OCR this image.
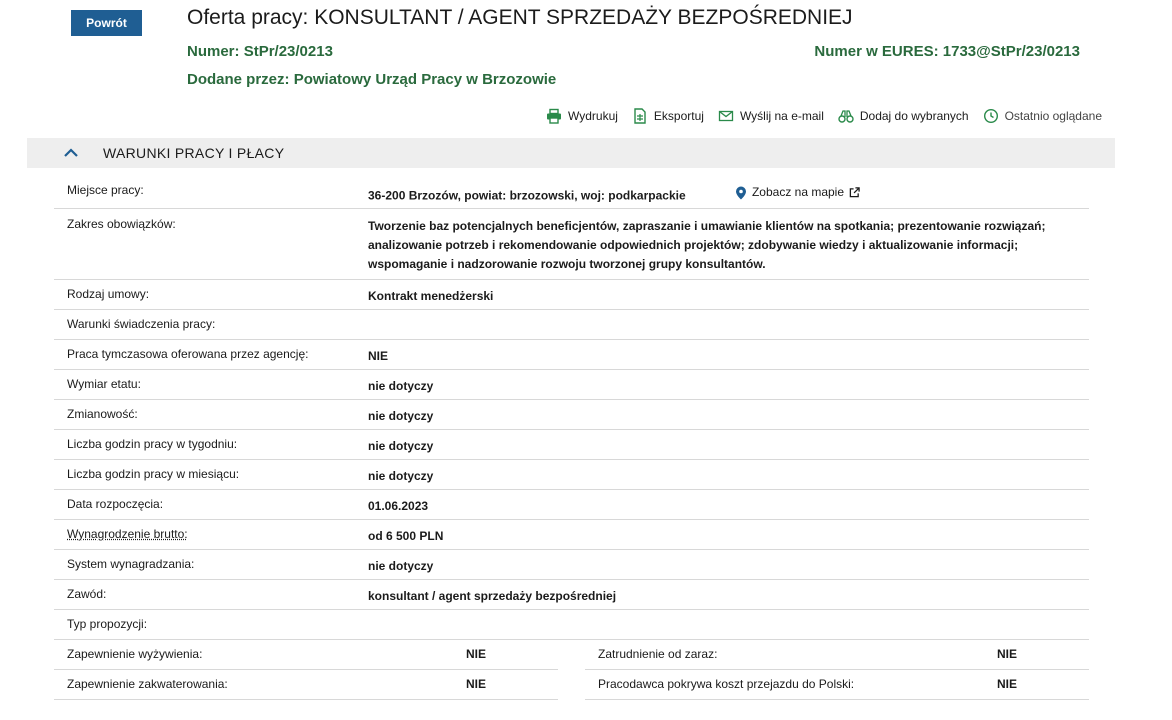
Powrót	Oferta pracy: KONSULTANT / AGENT SPRZEDAŻY BEZPOŚREDNIEJ
Numer: StPr/23/0213	Numer w EURES: 1733@StPr/23/0213
Dodane przez: Powiatowy Urząd Pracy w Brzozowie
Wydrukuj	Eksportuj	Wyślij na e-mail	Dodaj do wybranych	Ostatnio oglądane
WARUNKI PRACY I PŁACY
Miejsce pracy:	36-200 Brzozów, powiat: brzozowski, woj: podkarpackie	Zobacz na mapie
Zakres obowiązków:	Tworzenie baz potencjalnych beneficjentów, zapraszanie i umawianie klientów na spotkania; prezentowanie rozwiązań;
analizowanie potrzeb i rekomendowanie odpowiednich projektów; zdobywanie wiedzy i aktualizowanie informacji;
wspomaganie i nadzorowanie rozwoju tworzonej grupy konsultantów.
Rodzaj umowy:	Kontrakt menedżerski
Warunki świadczenia pracy:
Praca tymczasowa oferowana przez agencję:	NIE
Wymiar etatu:	nie dotyczy
Zmianowość:	nie dotyczy
Liczba godzin pracy w tygodniu:	nie dotyczy
Liczba godzin pracy w miesiącu:	nie dotyczy
Data rozpoczęcia:	01.06.2023
Wynagrodzenie brutto:	od 6 500 PLN
System wynagradzania:	nie dotyczy
Zawód:	konsultant / agent sprzedaży bezpośredniej
Typ propozycji:
Zapewnienie wyżywienia:	NIE	Zatrudnienie od zaraz:	NIE
Zapewnienie zakwaterowania:	NIE	Pracodawca pokrywa koszt przejazdu do Polski:	NIE
